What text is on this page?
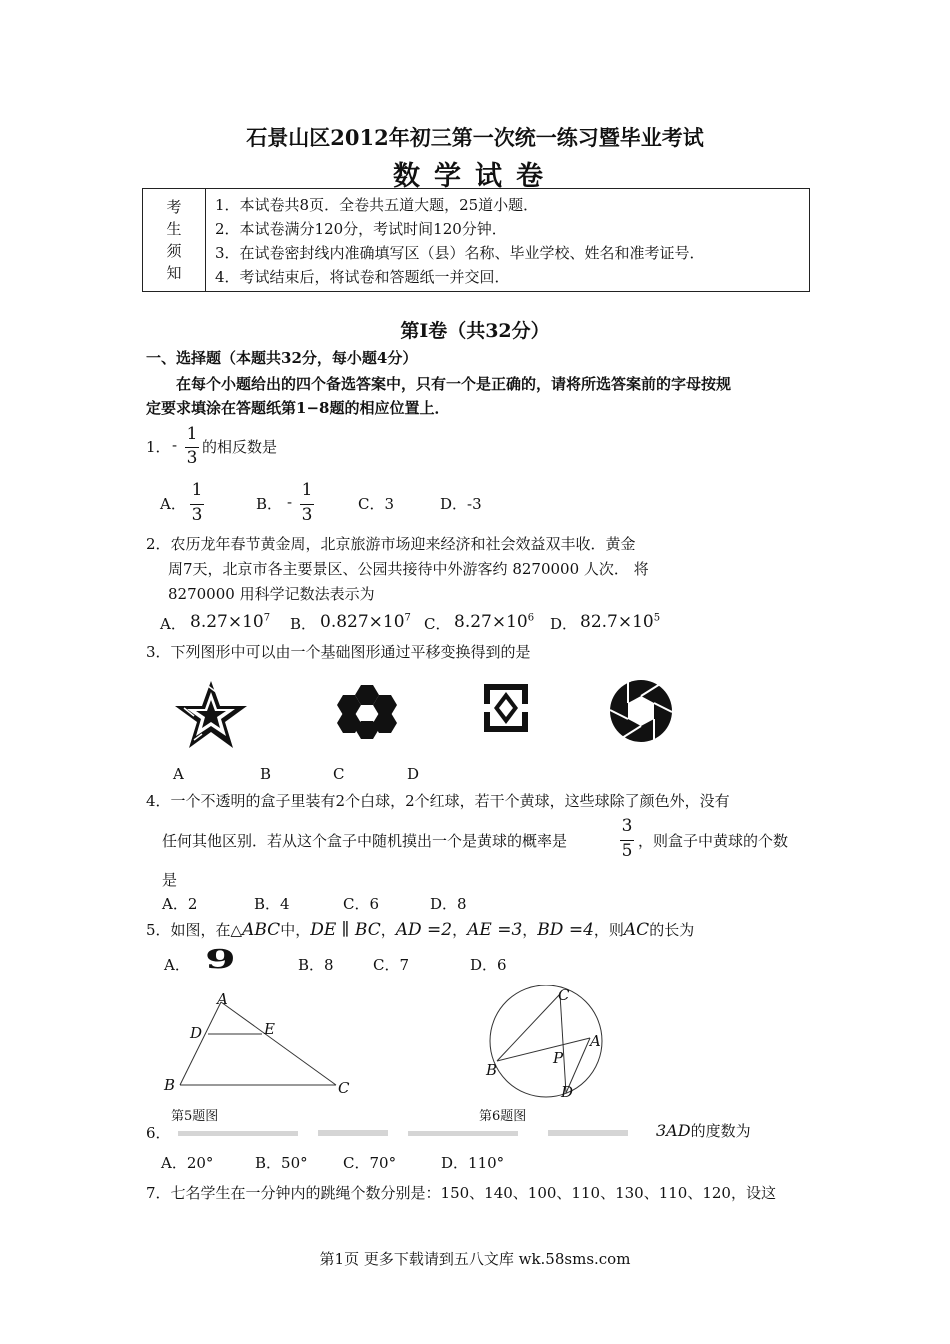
石景山区2012年初三第一次统一练习暨毕业考试
数学试卷
考
生
须
知
1．本试卷共8页．全卷共五道大题，25道小题．
2．本试卷满分120分，考试时间120分钟．
3．在试卷密封线内准确填写区（县）名称、毕业学校、姓名和准考证号．
4．考试结束后，将试卷和答题纸一并交回．
第Ⅰ卷（共32分）
一、选择题（本题共32分，每小题4分）
在每个小题给出的四个备选答案中，只有一个是正确的，请将所选答案前的字母按规
定要求填涂在答题纸第1−8题的相应位置上．
1． -
1
3
的相反数是
A．
1
3
B． -
1
3
C．3	D．-3
2．农历龙年春节黄金周，北京旅游市场迎来经济和社会效益双丰收．黄金
周7天，北京市各主要景区、公园共接待中外游客约 8270000 人次． 将
8270000 用科学记数法表示为
A． $8.27\times 10^7$ B． $0.827\times 10^7$ C． $8.27\times 10^6$ D． $82.7\times 10^5$
3．下列图形中可以由一个基础图形通过平移变换得到的是
A	B	C	D
4．一个不透明的盒子里装有2个白球，2个红球，若干个黄球，这些球除了颜色外，没有
任何其他区别．若从这个盒子中随机摸出一个是黄球的概率是
3
5 ，则盒子中黄球的个数
是
A．2	B．4	C．6	D．8
5．如图，在△ABC中，DE ∥ BC，AD =2，AE =3，BD =4，则AC的长为
A． 9	B．8	C．7	D．6
A
D	E
B	C
第5题图
C
A
P
B
D
第6题图
6．	3AD的度数为
A．20°	B．50° C．70°	D．110°
7．七名学生在一分钟内的跳绳个数分别是：150、140、100、110、130、110、120，设这
第1页 更多下载请到五八文库 wk.58sms.com
